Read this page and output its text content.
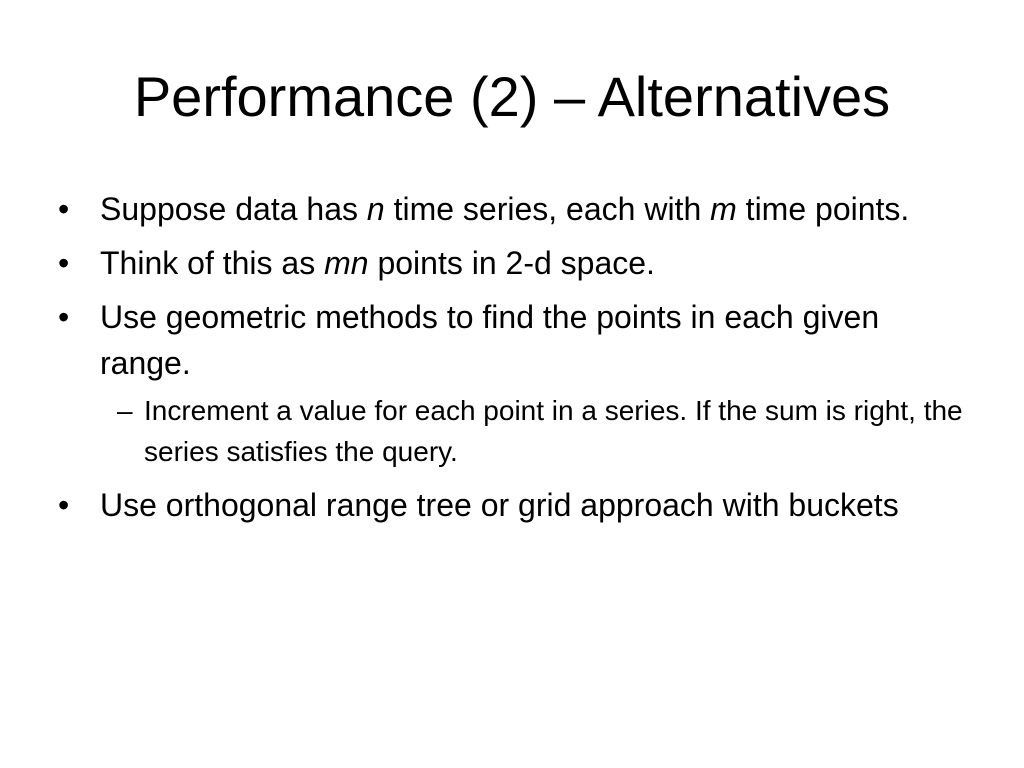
Performance (2) – Alternatives
• Suppose data has n time series, each with m time points.
• Think of this as mn points in 2-d space.
• Use geometric methods to find the points in each given range.
– Increment a value for each point in a series. If the sum is right, the series satisfies the query.
• Use orthogonal range tree or grid approach with buckets
